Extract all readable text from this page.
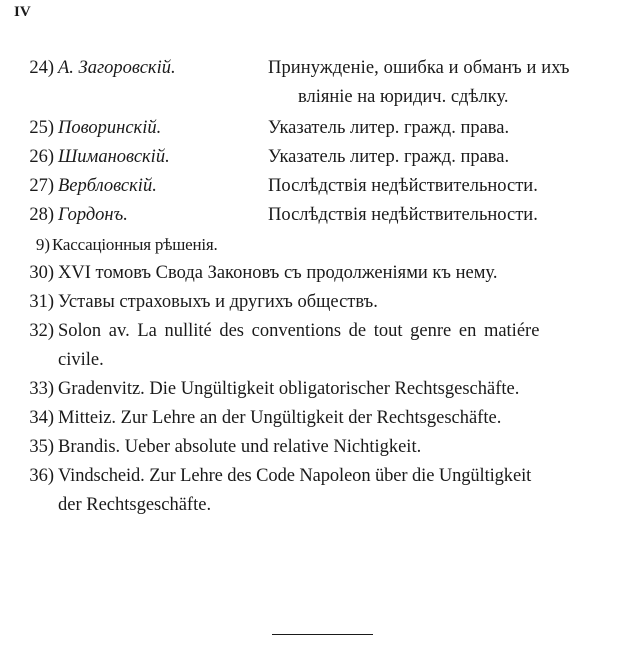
IV
24) А. Загоровскій.	Принужденіе, ошибка и обманъ и ихъ
вліяніе на юридич. сдѣлку.
25) Поворинскій.	Указатель литер. гражд. права.
26) Шимановскій.	Указатель литер. гражд. права.
27) Вербловскій.	Послѣдствія недѣйствительности.
28) Гордонъ.	Послѣдствія недѣйствительности.
9) Кассаціонныя рѣшенія.
30) XVI томовъ Свода Законовъ съ продолженіями къ нему.
31) Уставы страховыхъ и другихъ обществъ.
32) Solon av. La nullité des conventions de tout genre en matiére
civile.
33) Gradenvitz. Die Ungültigkeit obligatorischer Rechtsgeschäfte.
34) Mitteiz. Zur Lehre an der Ungültigkeit der Rechtsgeschäfte.
35) Brandis. Ueber absolute und relative Nichtigkeit.
36) Vindscheid. Zur Lehre des Code Napoleon über die Ungültigkeit
der Rechtsgeschäfte.
